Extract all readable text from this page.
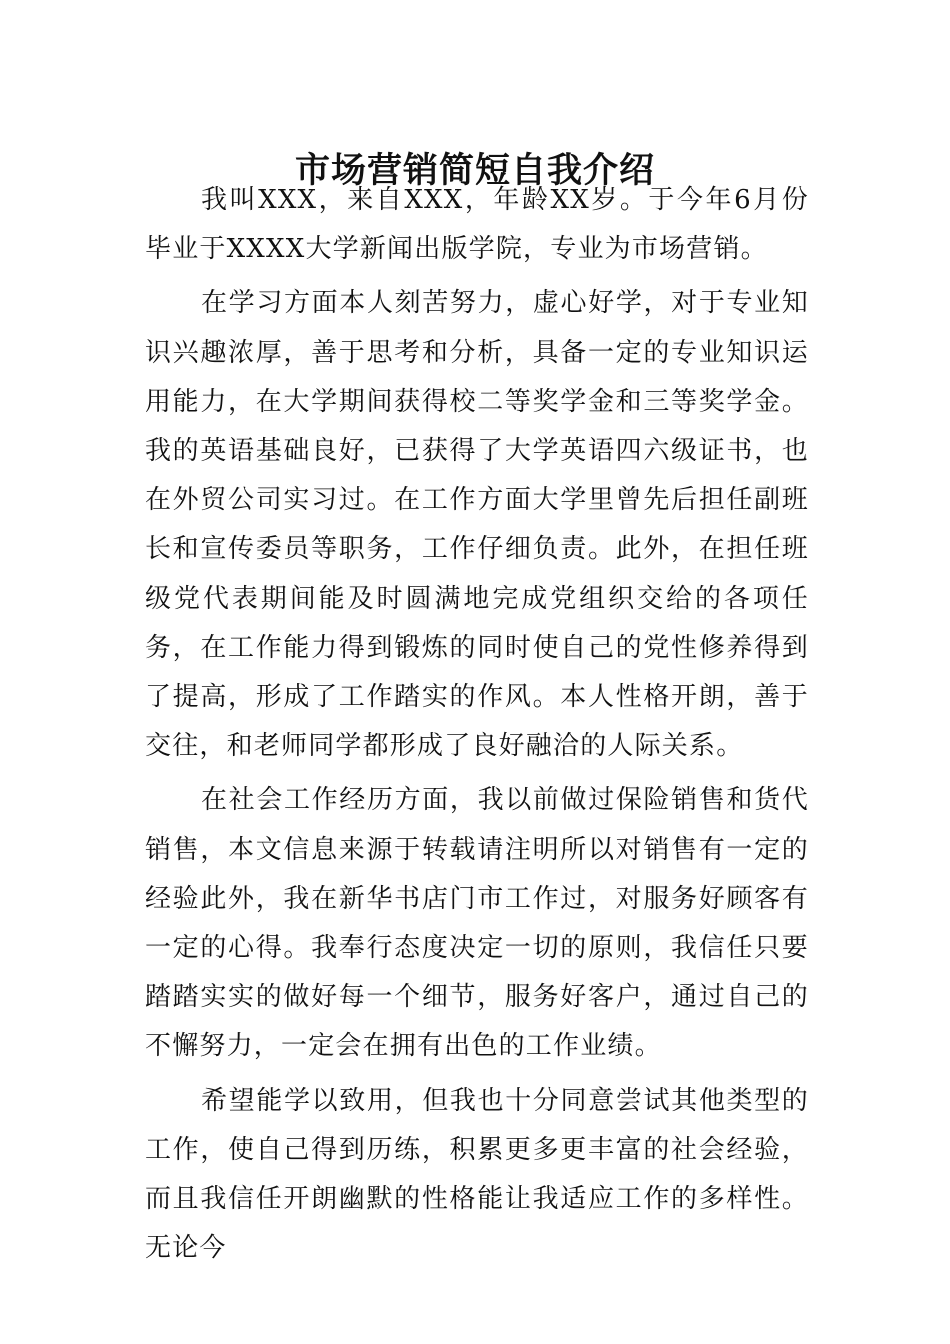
市场营销简短自我介绍

我叫XXX，来自XXX，年龄XX岁。于今年6月份毕业于XXXX大学新闻出版学院，专业为市场营销。

在学习方面本人刻苦努力，虚心好学，对于专业知识兴趣浓厚，善于思考和分析，具备一定的专业知识运用能力，在大学期间获得校二等奖学金和三等奖学金。我的英语基础良好，已获得了大学英语四六级证书，也在外贸公司实习过。在工作方面大学里曾先后担任副班长和宣传委员等职务，工作仔细负责。此外，在担任班级党代表期间能及时圆满地完成党组织交给的各项任务，在工作能力得到锻炼的同时使自己的党性修养得到了提高，形成了工作踏实的作风。本人性格开朗，善于交往，和老师同学都形成了良好融洽的人际关系。

在社会工作经历方面，我以前做过保险销售和货代销售，本文信息来源于转载请注明所以对销售有一定的经验此外，我在新华书店门市工作过，对服务好顾客有一定的心得。我奉行态度决定一切的原则，我信任只要踏踏实实的做好每一个细节，服务好客户，通过自己的不懈努力，一定会在拥有出色的工作业绩。

希望能学以致用，但我也十分同意尝试其他类型的工作，使自己得到历练，积累更多更丰富的社会经验，而且我信任开朗幽默的性格能让我适应工作的多样性。无论今
